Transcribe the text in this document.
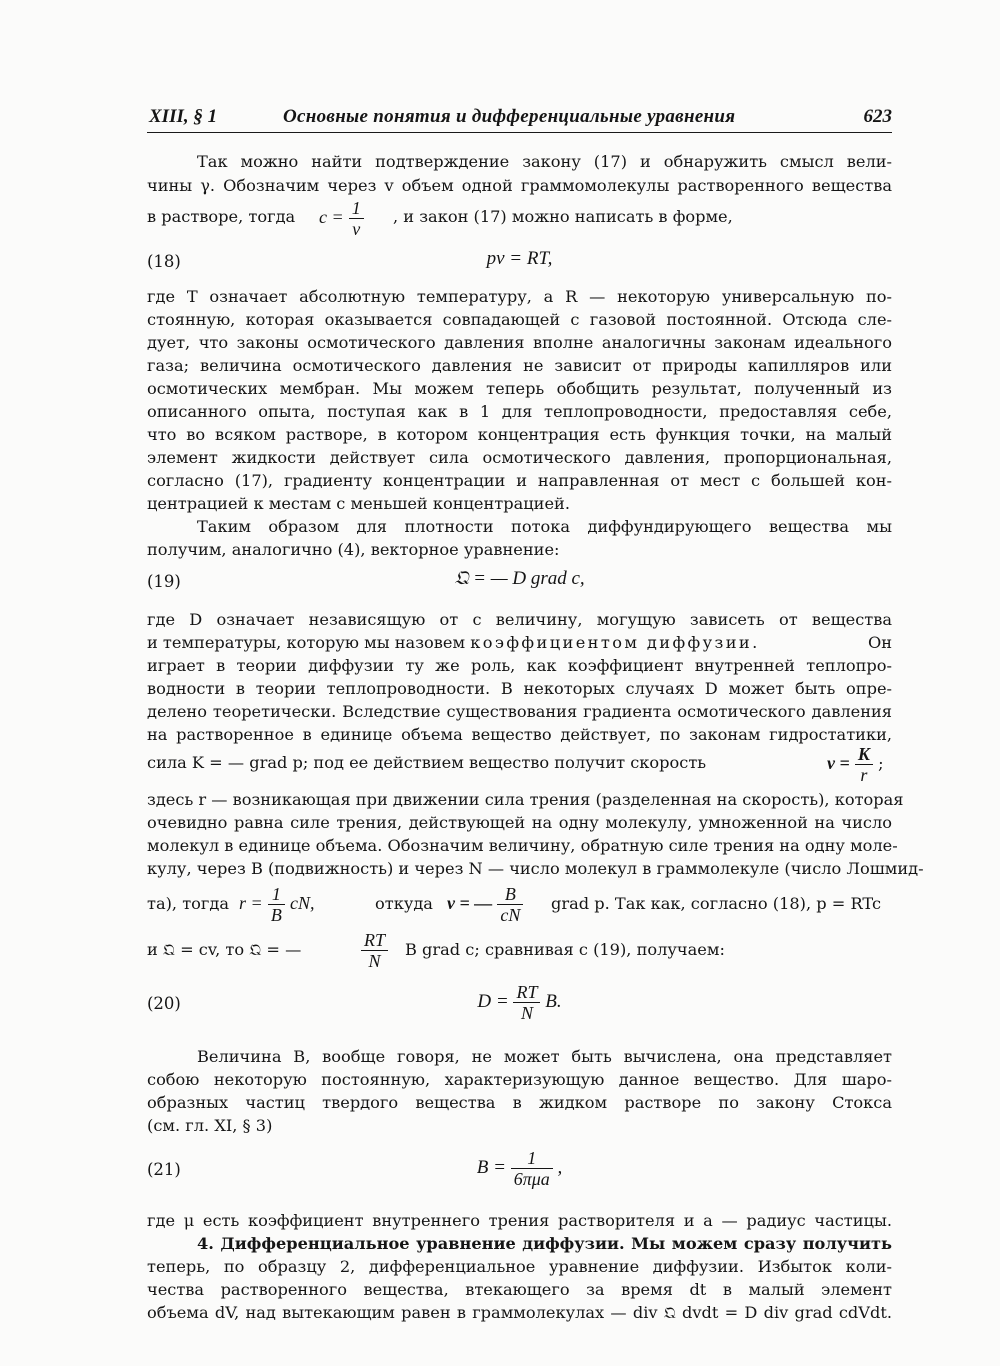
XIII, § 1	Основные понятия и дифференциальные уравнения	623
Так можно найти подтверждение закону (17) и обнаружить смысл вели-
чины γ. Обозначим через v объем одной граммомолекулы растворенного вещества
в растворе, тогда $c = \frac{1}{v}$ , и закон (17) можно написать в форме,
(18)	pv = RT,
где T означает абсолютную температуру, а R — некоторую универсальную по-
стоянную, которая оказывается совпадающей с газовой постоянной. Отсюда сле-
дует, что законы осмотического давления вполне аналогичны законам идеального
газа; величина осмотического давления не зависит от природы капилляров или
осмотических мембран. Мы можем теперь обобщить результат, полученный из
описанного опыта, поступая как в 1 для теплопроводности, предоставляя себе,
что во всяком растворе, в котором концентрация есть функция точки, на малый
элемент жидкости действует сила осмотического давления, пропорциональная,
согласно (17), градиенту концентрации и направленная от мест с большей кон-
центрацией к местам с меньшей концентрацией.
Таким образом для плотности потока диффундирующего вещества мы
получим, аналогично (4), векторное уравнение:
(19)	𝔔 = — D grad c,
где D означает независящую от c величину, могущую зависеть от вещества
и температуры, которую мы назовем коэффициентом диффузии.	Он
играет в теории диффузии ту же роль, как коэффициент внутренней теплопро-
водности в теории теплопроводности. В некоторых случаях D может быть опре-
делено теоретически. Вследствие существования градиента осмотического давления
на растворенное в единице объема вещество действует, по законам гидростатики,
сила K = — grad p; под ее действием вещество получит скорость	$v = \frac{K}{r}$ ;
здесь r — возникающая при движении сила трения (разделенная на скорость), которая
очевидно равна силе трения, действующей на одну молекулу, умноженной на число
молекул в единице объема. Обозначим величину, обратную силе трения на одну моле-
кулу, через B (подвижность) и через N — число молекул в граммолекуле (число Лошмид-
та), тогда $r = \frac{1}{B}$ cN,	откуда v = — $\frac{B}{cN}$ grad p. Так как, согласно (18), p = RTc
и 𝔔 = cv, то 𝔔 = —	$\frac{RT}{N}$ B grad c; сравнивая с (19), получаем:
(20)	$D = \frac{RT}{N} B$.
Величина B, вообще говоря, не может быть вычислена, она представляет
собою некоторую постоянную, характеризующую данное вещество. Для шаро-
образных частиц твердого вещества в жидком растворе по закону Стокса
(см. гл. XI, § 3)
(21)	$B = \frac{1}{\text{6πμa}}$ ,
где μ есть коэффициент внутреннего трения растворителя и a — радиус частицы.
4. Дифференциальное уравнение диффузии. Мы можем сразу получить
теперь, по образцу 2, дифференциальное уравнение диффузии. Избыток коли-
чества растворенного вещества, втекающего за время dt в малый элемент
объема dV, над вытекающим равен в граммолекулах — div 𝔔 dvdt = D div grad cdVdt.
